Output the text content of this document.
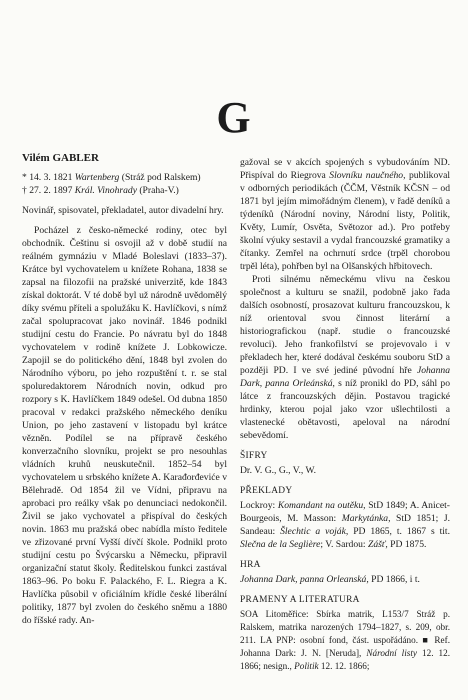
G
Vilém GABLER

* 14. 3. 1821 Wartenberg (Stráž pod Ralskem)

† 27. 2. 1897 Král. Vinohrady (Praha-V.)

Novinář, spisovatel, překladatel, autor divadelní hry.

Pocházel z česko-německé rodiny, otec byl obchodník. Češtinu si osvojil až v době studií na reálném gymnáziu v Mladé Boleslavi (1833–37). Krátce byl vychovatelem u knížete Rohana, 1838 se zapsal na filozofii na pražské univerzitě, kde 1843 získal doktorát. V té době byl už národně uvědomělý díky svému příteli a spolužáku K. Havlíčkovi, s nímž začal spolupracovat jako novinář. 1846 podnikl studijní cestu do Francie. Po návratu byl do 1848 vychovatelem v rodině knížete J. Lobkowicze. Zapojil se do politického dění, 1848 byl zvolen do Národního výboru, po jeho rozpuštění t. r. se stal spoluredaktorem Národních novin, odkud pro rozpory s K. Havlíčkem 1849 odešel. Od dubna 1850 pracoval v redakci pražského německého deníku Union, po jeho zastavení v listopadu byl krátce vězněn. Podílel se na přípravě českého konverzačního slovníku, projekt se pro nesouhlas vládních kruhů neuskutečnil. 1852–54 byl vychovatelem u srbského knížete A. Karađorđeviće v Bělehradě. Od 1854 žil ve Vídni, připravu na aprobaci pro reálky však po denunciaci nedokončil. Živil se jako vychovatel a přispíval do českých novin. 1863 mu pražská obec nabídla místo ředitele ve zřizované první Vyšší dívčí škole. Podnikl proto studijní cestu po Švýcarsku a Německu, připravil organizační statut školy. Ředitelskou funkci zastával 1863–96. Po boku F. Palackého, F. L. Riegra a K. Havlíčka působil v oficiálním křídle české liberální politiky, 1877 byl zvolen do českého sněmu a 1880 do říšské rady. An-

gažoval se v akcích spojených s vybudováním ND. Přispíval do Riegrova Slovníku naučného, publikoval v odborných periodikách (ČČM, Věstník KČSN – od 1871 byl jejím mimořádným členem), v řadě deníků a týdeníků (Národní noviny, Národní listy, Politik, Květy, Lumír, Osvěta, Světozor ad.). Pro potřeby školní výuky sestavil a vydal francouzské gramatiky a čítanky. Zemřel na ochrnutí srdce (trpěl chorobou trpěl léta), pohřben byl na Olšanských hřbitovech.

Proti silnému německému vlivu na českou společnost a kulturu se snažil, podobně jako řada dalších osobností, prosazovat kulturu francouzskou, k níž orientoval svou činnost literární a historiografickou (např. studie o francouzské revoluci). Jeho frankofilství se projevovalo i v překladech her, které dodával českému souboru StD a později PD. I ve své jediné původní hře Johanna Dark, panna Orleánská, s níž pronikl do PD, sáhl po látce z francouzských dějin. Postavou tragické hrdinky, kterou pojal jako vzor ušlechtilosti a vlastenecké obětavosti, apeloval na národní sebevědomí.

ŠIFRY

Dr. V. G., G., V., W.

PŘEKLADY

Lockroy: Komandant na outěku, StD 1849; A. Anicet-Bourgeois, M. Masson: Markytánka, StD 1851; J. Sandeau: Šlechtic a voják, PD 1865, t. 1867 s tit. Slečna de la Seglière; V. Sardou: Zášť, PD 1875.

HRA

Johanna Dark, panna Orleanská, PD 1866, i t.

PRAMENY A LITERATURA

SOA Litoměřice: Sbírka matrik, L153/7 Stráž p. Ralskem, matrika narozených 1794–1827, s. 209, obr. 211. LA PNP: osobní fond, část. uspořádáno. ■ Ref. Johanna Dark: J. N. [Neruda], Národní listy 12. 12. 1866; nesign., Politik 12. 12. 1866;
